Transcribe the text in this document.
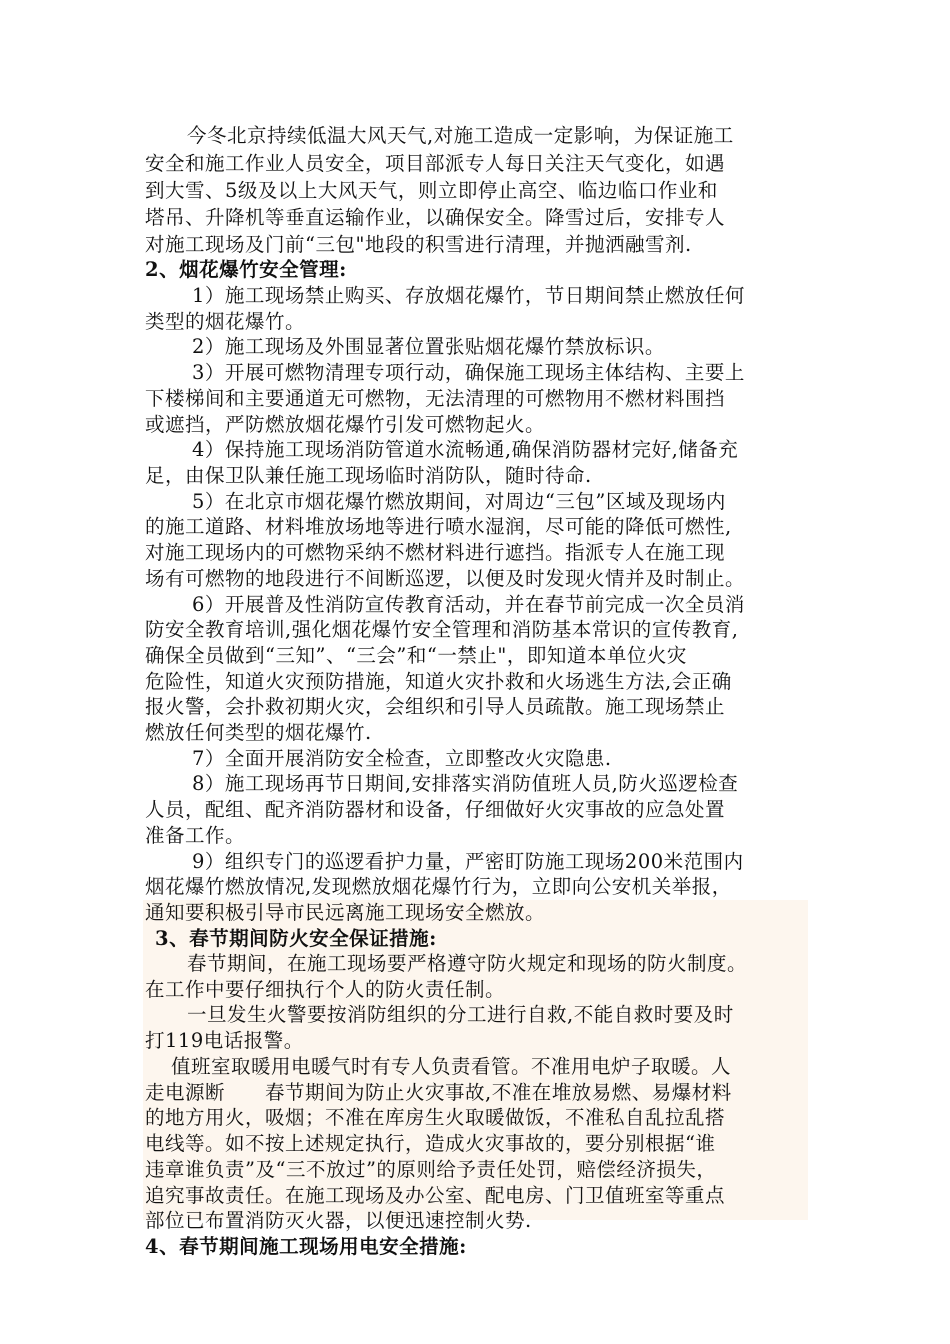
今冬北京持续低温大风天气,对施工造成一定影响，为保证施工
安全和施工作业人员安全，项目部派专人每日关注天气变化，如遇
到大雪、5级及以上大风天气，则立即停止高空、临边临口作业和
塔吊、升降机等垂直运输作业，以确保安全。降雪过后，安排专人
对施工现场及门前“三包"地段的积雪进行清理，并抛洒融雪剂.
2、烟花爆竹安全管理:
1）施工现场禁止购买、存放烟花爆竹，节日期间禁止燃放任何
类型的烟花爆竹。
2）施工现场及外围显著位置张贴烟花爆竹禁放标识。
3）开展可燃物清理专项行动，确保施工现场主体结构、主要上
下楼梯间和主要通道无可燃物，无法清理的可燃物用不燃材料围挡
或遮挡，严防燃放烟花爆竹引发可燃物起火。
4）保持施工现场消防管道水流畅通,确保消防器材完好,储备充
足，由保卫队兼任施工现场临时消防队，随时待命.
5）在北京市烟花爆竹燃放期间，对周边“三包”区域及现场内
的施工道路、材料堆放场地等进行喷水湿润，尽可能的降低可燃性,
对施工现场内的可燃物采纳不燃材料进行遮挡。指派专人在施工现
场有可燃物的地段进行不间断巡逻，以便及时发现火情并及时制止。
6）开展普及性消防宣传教育活动，并在春节前完成一次全员消
防安全教育培训,强化烟花爆竹安全管理和消防基本常识的宣传教育,
确保全员做到“三知”、“三会”和“一禁止"，即知道本单位火灾
危险性，知道火灾预防措施，知道火灾扑救和火场逃生方法,会正确
报火警，会扑救初期火灾，会组织和引导人员疏散。施工现场禁止
燃放任何类型的烟花爆竹.
7）全面开展消防安全检查，立即整改火灾隐患.
8）施工现场再节日期间,安排落实消防值班人员,防火巡逻检查
人员，配组、配齐消防器材和设备，仔细做好火灾事故的应急处置
准备工作。
9）组织专门的巡逻看护力量，严密盯防施工现场200米范围内
烟花爆竹燃放情况,发现燃放烟花爆竹行为，立即向公安机关举报，
通知要积极引导市民远离施工现场安全燃放。
3、春节期间防火安全保证措施:
春节期间，在施工现场要严格遵守防火规定和现场的防火制度。
在工作中要仔细执行个人的防火责任制。
一旦发生火警要按消防组织的分工进行自救,不能自救时要及时
打119电话报警。
值班室取暖用电暖气时有专人负责看管。不准用电炉子取暖。人
走电源断　　春节期间为防止火灾事故,不准在堆放易燃、易爆材料
的地方用火，吸烟；不准在库房生火取暖做饭，不准私自乱拉乱搭
电线等。如不按上述规定执行，造成火灾事故的，要分别根据“谁
违章谁负责”及“三不放过”的原则给予责任处罚，赔偿经济损失，
追究事故责任。在施工现场及办公室、配电房、门卫值班室等重点
部位已布置消防灭火器，以便迅速控制火势.
4、春节期间施工现场用电安全措施:
